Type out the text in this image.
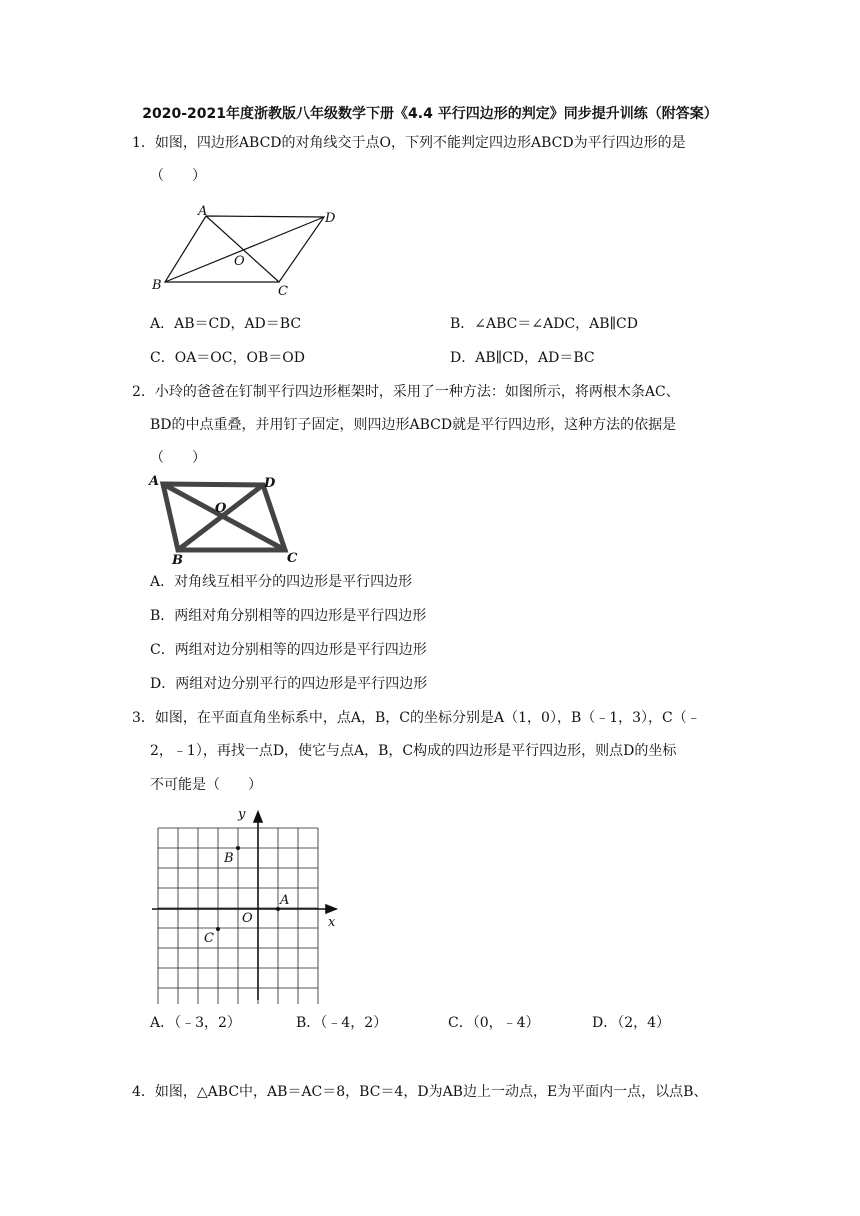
2020-2021年度浙教版八年级数学下册《4.4 平行四边形的判定》同步提升训练（附答案）
1．如图，四边形ABCD的对角线交于点O，下列不能判定四边形ABCD为平行四边形的是
（　　）
A
B	C
D
O
A．AB＝CD，AD＝BC	B．∠ABC＝∠ADC，AB∥CD
C．OA＝OC，OB＝OD	D．AB∥CD，AD＝BC
2．小玲的爸爸在钉制平行四边形框架时，采用了一种方法：如图所示，将两根木条AC、
BD的中点重叠，并用钉子固定，则四边形ABCD就是平行四边形，这种方法的依据是
（　　）
A
B	C
D
O
A．对角线互相平分的四边形是平行四边形
B．两组对角分别相等的四边形是平行四边形
C．两组对边分别相等的四边形是平行四边形
D．两组对边分别平行的四边形是平行四边形
3．如图，在平面直角坐标系中，点A，B，C的坐标分别是A（1，0），B（﹣1，3），C（﹣
2，﹣1），再找一点D，使它与点A，B，C构成的四边形是平行四边形，则点D的坐标
不可能是（　　）
A
B
C
O	x
y
A．（﹣3，2）	B．（﹣4，2）	C．（0，﹣4）	D．（2，4）
4．如图，△ABC中，AB＝AC＝8，BC＝4，D为AB边上一动点，E为平面内一点，以点B、
